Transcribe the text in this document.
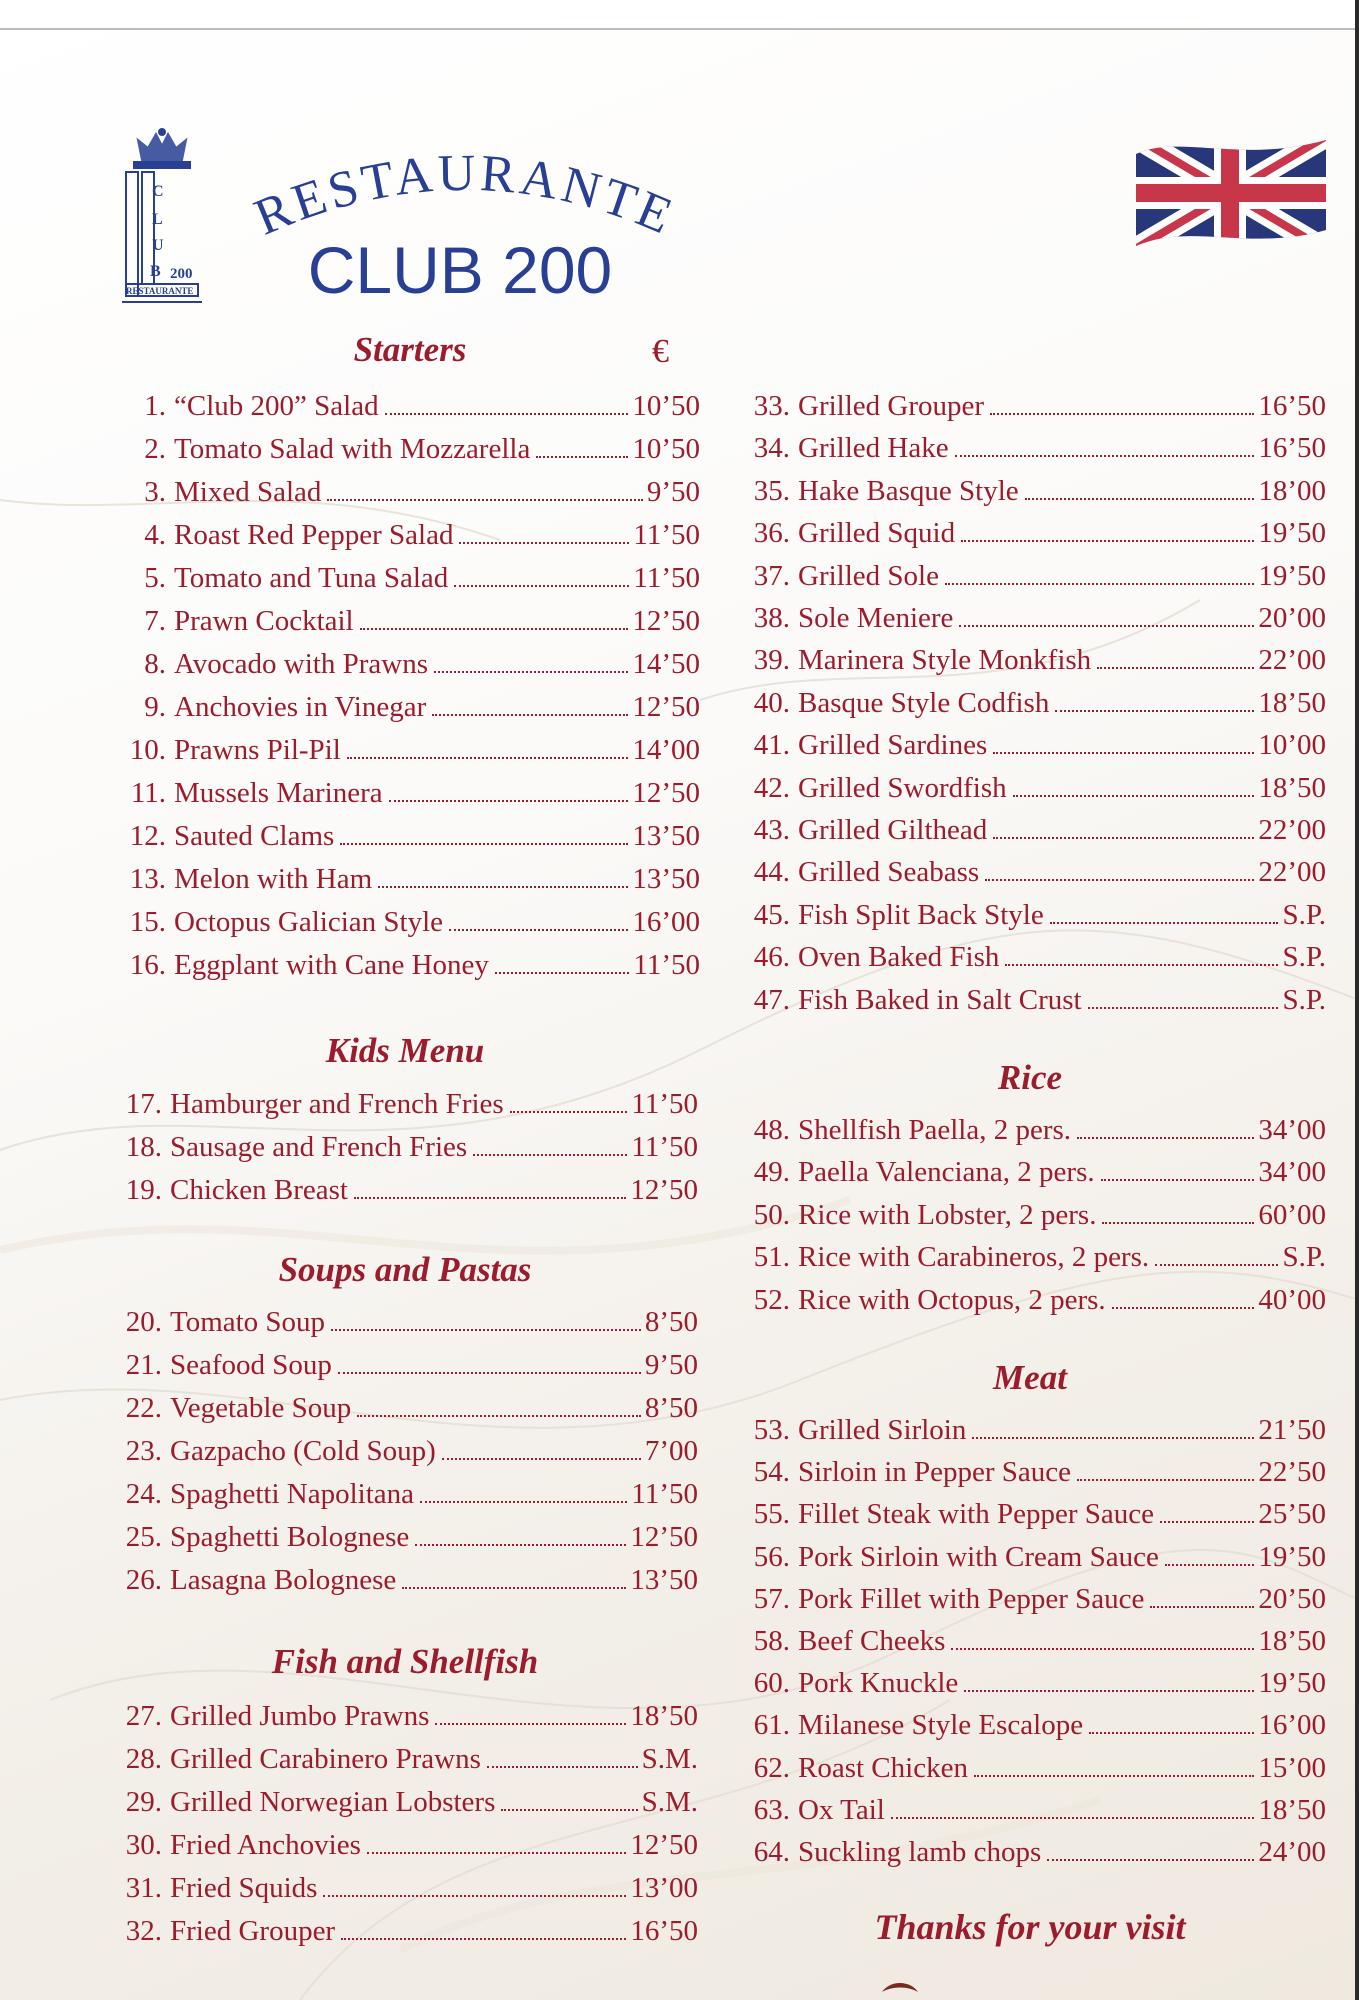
C
L
U
B 200
RESTAURANTE
RESTAURANTE
CLUB 200
Starters	€
Kids Menu
Soups and Pastas
Fish and Shellfish
Rice
Meat
1. “Club 200” Salad	10’50
2. Tomato Salad with Mozzarella	10’50
3. Mixed Salad	9’50
4. Roast Red Pepper Salad	11’50
5. Tomato and Tuna Salad	11’50
7. Prawn Cocktail	12’50
8. Avocado with Prawns	14’50
9. Anchovies in Vinegar	12’50
10. Prawns Pil-Pil	14’00
11. Mussels Marinera	12’50
12. Sauted Clams	13’50
13. Melon with Ham	13’50
15. Octopus Galician Style	16’00
16. Eggplant with Cane Honey	11’50
17. Hamburger and French Fries	11’50
18. Sausage and French Fries	11’50
19. Chicken Breast	12’50
20. Tomato Soup	8’50
21. Seafood Soup	9’50
22. Vegetable Soup	8’50
23. Gazpacho (Cold Soup)	7’00
24. Spaghetti Napolitana	11’50
25. Spaghetti Bolognese	12’50
26. Lasagna Bolognese	13’50
27. Grilled Jumbo Prawns	18’50
28. Grilled Carabinero Prawns	S.M.
29. Grilled Norwegian Lobsters	S.M.
30. Fried Anchovies	12’50
31. Fried Squids	13’00
32. Fried Grouper	16’50
33. Grilled Grouper	16’50
34. Grilled Hake	16’50
35. Hake Basque Style	18’00
36. Grilled Squid	19’50
37. Grilled Sole	19’50
38. Sole Meniere	20’00
39. Marinera Style Monkfish	22’00
40. Basque Style Codfish	18’50
41. Grilled Sardines	10’00
42. Grilled Swordfish	18’50
43. Grilled Gilthead	22’00
44. Grilled Seabass	22’00
45. Fish Split Back Style	S.P.
46. Oven Baked Fish	S.P.
47. Fish Baked in Salt Crust	S.P.
48. Shellfish Paella, 2 pers.	34’00
49. Paella Valenciana, 2 pers.	34’00
50. Rice with Lobster, 2 pers.	60’00
51. Rice with Carabineros, 2 pers.	S.P.
52. Rice with Octopus, 2 pers.	40’00
53. Grilled Sirloin	21’50
54. Sirloin in Pepper Sauce	22’50
55. Fillet Steak with Pepper Sauce	25’50
56. Pork Sirloin with Cream Sauce	19’50
57. Pork Fillet with Pepper Sauce	20’50
58. Beef Cheeks	18’50
60. Pork Knuckle	19’50
61. Milanese Style Escalope	16’00
62. Roast Chicken	15’00
63. Ox Tail	18’50
64. Suckling lamb chops	24’00
Thanks for your visit
